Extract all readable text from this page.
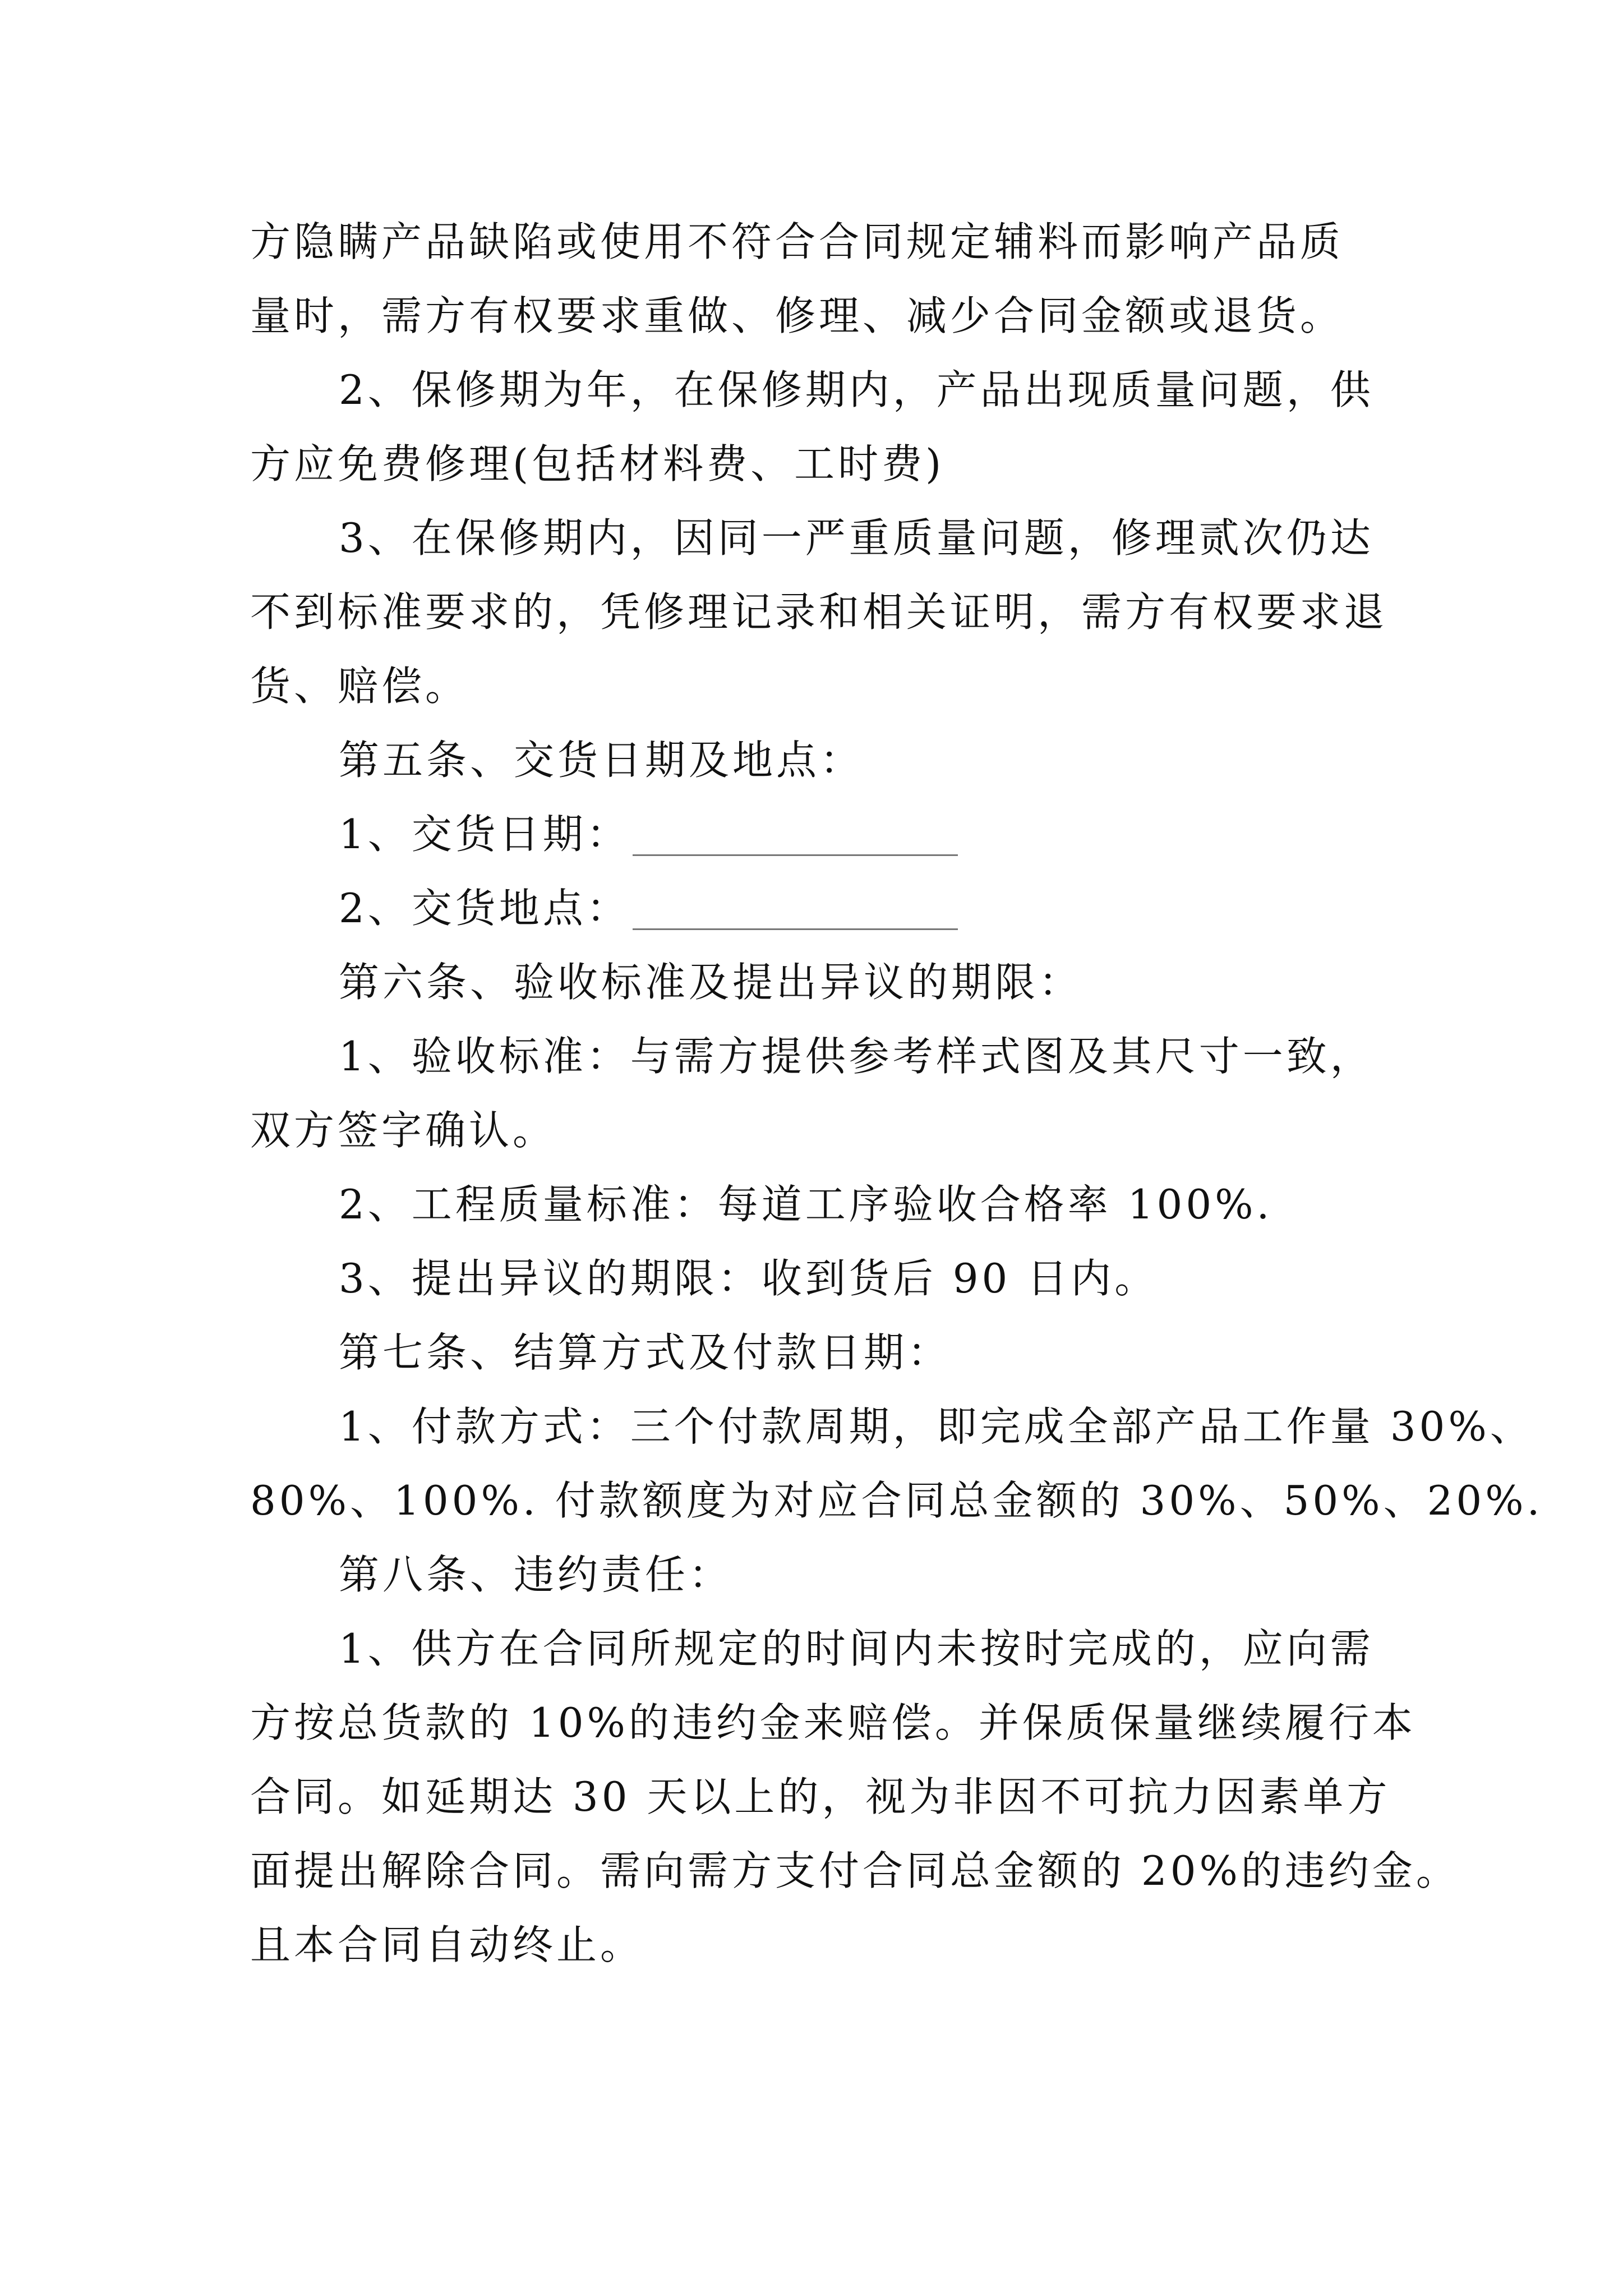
方隐瞒产品缺陷或使用不符合合同规定辅料而影响产品质

量时，需方有权要求重做、修理、减少合同金额或退货。

2、保修期为年，在保修期内，产品出现质量问题，供

方应免费修理(包括材料费、工时费)

3、在保修期内，因同一严重质量问题，修理贰次仍达

不到标准要求的，凭修理记录和相关证明，需方有权要求退

货、赔偿。

第五条、交货日期及地点：

1、交货日期：

2、交货地点：

第六条、验收标准及提出异议的期限：

1、验收标准：与需方提供参考样式图及其尺寸一致，

双方签字确认。

2、工程质量标准：每道工序验收合格率 100%.

3、提出异议的期限：收到货后 90 日内。

第七条、结算方式及付款日期：

1、付款方式：三个付款周期，即完成全部产品工作量 30%、

80%、100%. 付款额度为对应合同总金额的 30%、50%、20%.

第八条、违约责任：

1、供方在合同所规定的时间内未按时完成的，应向需

方按总货款的 10%的违约金来赔偿。并保质保量继续履行本

合同。如延期达 30 天以上的，视为非因不可抗力因素单方

面提出解除合同。需向需方支付合同总金额的 20%的违约金。

且本合同自动终止。
